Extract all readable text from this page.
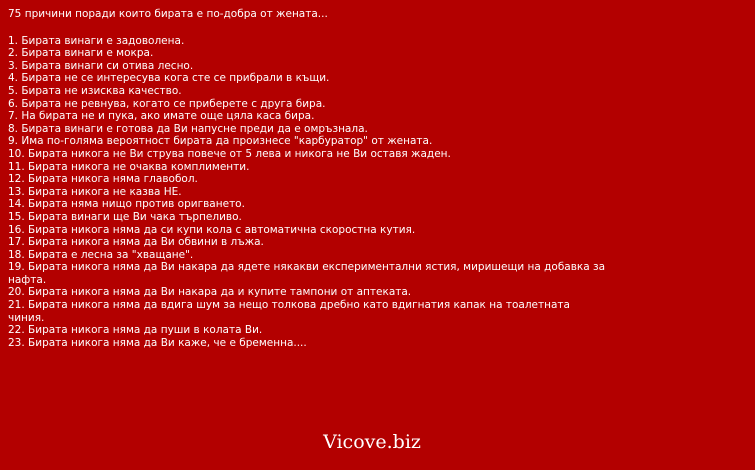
75 причини поради които бирата е по-добра от жената...
1. Бирата винаги е задоволена.
2. Бирата винаги е мокра.
3. Бирата винаги си отива лесно.
4. Бирата не се интересува кога сте се прибрали в къщи.
5. Бирата не изисква качество.
6. Бирата не ревнува, когато се приберете с друга бира.
7. На бирата не и пука, ако имате още цяла каса бира.
8. Бирата винаги е готова да Ви напусне преди да е омръзнала.
9. Има по-голяма вероятност бирата да произнесе "карбуратор" от жената.
10. Бирата никога не Ви струва повече от 5 лева и никога не Ви оставя жаден.
11. Бирата никога не очаква комплименти.
12. Бирата никога няма главобол.
13. Бирата никога не казва НЕ.
14. Бирата няма нищо против оригването.
15. Бирата винаги ще Ви чака търпеливо.
16. Бирата никога няма да си купи кола с автоматична скоростна кутия.
17. Бирата никога няма да Ви обвини в лъжа.
18. Бирата е лесна за "хващане".
19. Бирата никога няма да Ви накара да ядете някакви експериментални ястия, миришещи на добавка за нафта.
20. Бирата никога няма да Ви накара да и купите тампони от аптеката.
21. Бирата никога няма да вдига шум за нещо толкова дребно като вдигнатия капак на тоалетната чиния.
22. Бирата никога няма да пуши в колата Ви.
23. Бирата никога няма да Ви каже, че е бременна....
Vicove.biz
